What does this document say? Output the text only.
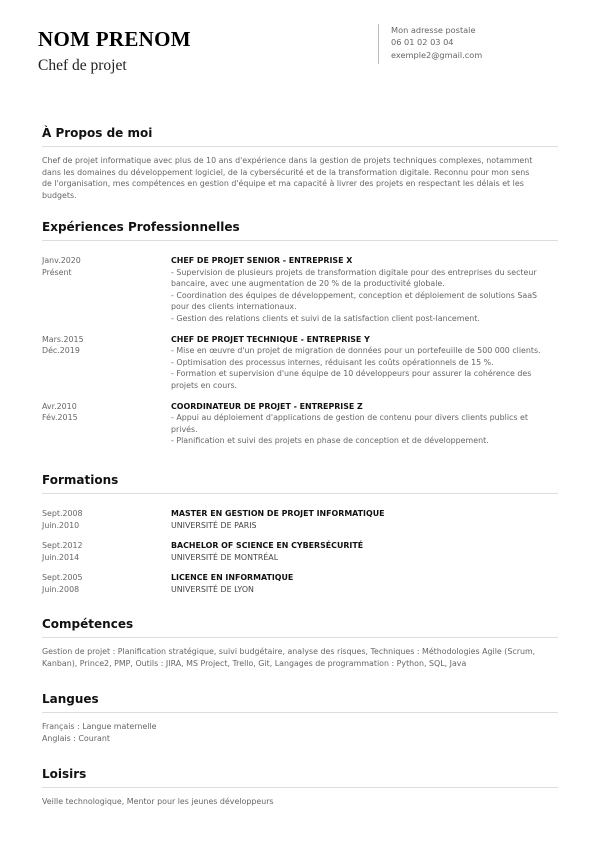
NOM PRENOM
Chef de projet
Mon adresse postale
06 01 02 03 04
exemple2@gmail.com
À Propos de moi
Chef de projet informatique avec plus de 10 ans d'expérience dans la gestion de projets techniques complexes, notamment
dans les domaines du développement logiciel, de la cybersécurité et de la transformation digitale. Reconnu pour mon sens
de l'organisation, mes compétences en gestion d'équipe et ma capacité à livrer des projets en respectant les délais et les
budgets.
Expériences Professionnelles
Janv.2020
Présent
CHEF DE PROJET SENIOR - ENTREPRISE X
- Supervision de plusieurs projets de transformation digitale pour des entreprises du secteur
bancaire, avec une augmentation de 20 % de la productivité globale.
- Coordination des équipes de développement, conception et déploiement de solutions SaaS
pour des clients internationaux.
- Gestion des relations clients et suivi de la satisfaction client post-lancement.
Mars.2015
Déc.2019
CHEF DE PROJET TECHNIQUE - ENTREPRISE Y
- Mise en œuvre d'un projet de migration de données pour un portefeuille de 500 000 clients.
- Optimisation des processus internes, réduisant les coûts opérationnels de 15 %.
- Formation et supervision d'une équipe de 10 développeurs pour assurer la cohérence des
projets en cours.
Avr.2010
Fév.2015
COORDINATEUR DE PROJET - ENTREPRISE Z
- Appui au déploiement d'applications de gestion de contenu pour divers clients publics et
privés.
- Planification et suivi des projets en phase de conception et de développement.
Formations
Sept.2008
Juin.2010
MASTER EN GESTION DE PROJET INFORMATIQUE
UNIVERSITÉ DE PARIS
Sept.2012
Juin.2014
BACHELOR OF SCIENCE EN CYBERSÉCURITÉ
UNIVERSITÉ DE MONTRÉAL
Sept.2005
Juin.2008
LICENCE EN INFORMATIQUE
UNIVERSITÉ DE LYON
Compétences
Gestion de projet : Planification stratégique, suivi budgétaire, analyse des risques, Techniques : Méthodologies Agile (Scrum,
Kanban), Prince2, PMP, Outils : JIRA, MS Project, Trello, Git, Langages de programmation : Python, SQL, Java
Langues
Français : Langue maternelle
Anglais : Courant
Loisirs
Veille technologique, Mentor pour les jeunes développeurs
